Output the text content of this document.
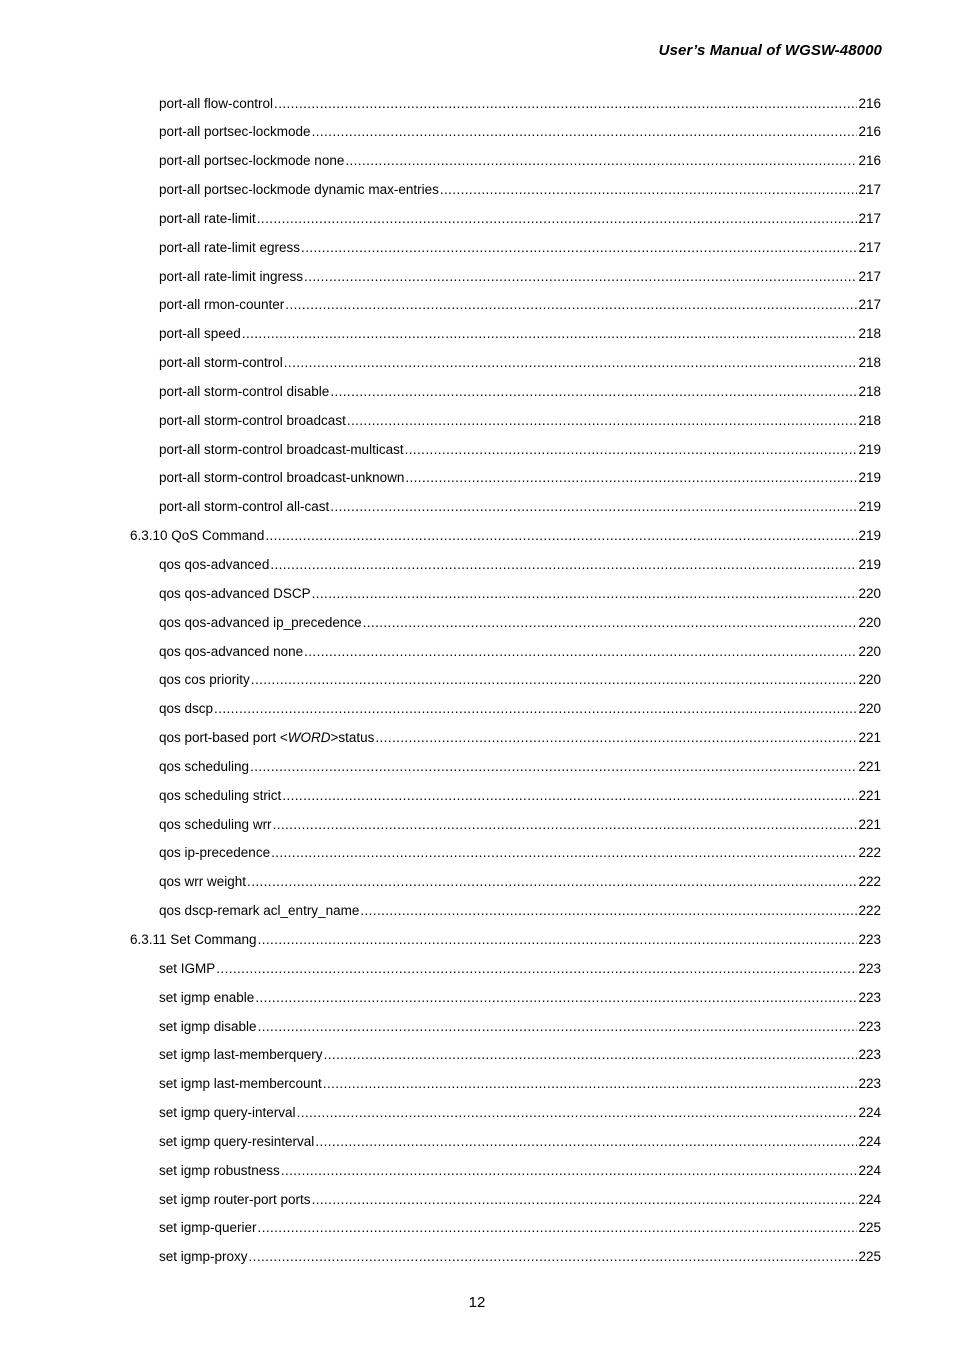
User’s Manual of WGSW-48000
port-all flow-control .....	216
port-all portsec-lockmode .....	216
port-all portsec-lockmode none .....	216
port-all portsec-lockmode dynamic max-entries .....	217
port-all rate-limit .....	217
port-all rate-limit egress .....	217
port-all rate-limit ingress .....	217
port-all rmon-counter .....	217
port-all speed .....	218
port-all storm-control .....	218
port-all storm-control disable .....	218
port-all storm-control broadcast .....	218
port-all storm-control broadcast-multicast .....	219
port-all storm-control broadcast-unknown .....	219
port-all storm-control all-cast .....	219
6.3.10 QoS Command .....	219
qos qos-advanced .....	219
qos qos-advanced DSCP .....	220
qos qos-advanced ip_precedence .....	220
qos qos-advanced none .....	220
qos cos priority .....	220
qos dscp .....	220
qos port-based port <WORD>status .....	221
qos scheduling .....	221
qos scheduling strict .....	221
qos scheduling wrr .....	221
qos ip-precedence .....	222
qos wrr weight .....	222
qos dscp-remark acl_entry_name .....	222
6.3.11 Set Commang .....	223
set IGMP .....	223
set igmp enable .....	223
set igmp disable .....	223
set igmp last-memberquery .....	223
set igmp last-membercount .....	223
set igmp query-interval .....	224
set igmp query-resinterval .....	224
set igmp robustness .....	224
set igmp router-port ports .....	224
set igmp-querier .....	225
set igmp-proxy .....	225
12
